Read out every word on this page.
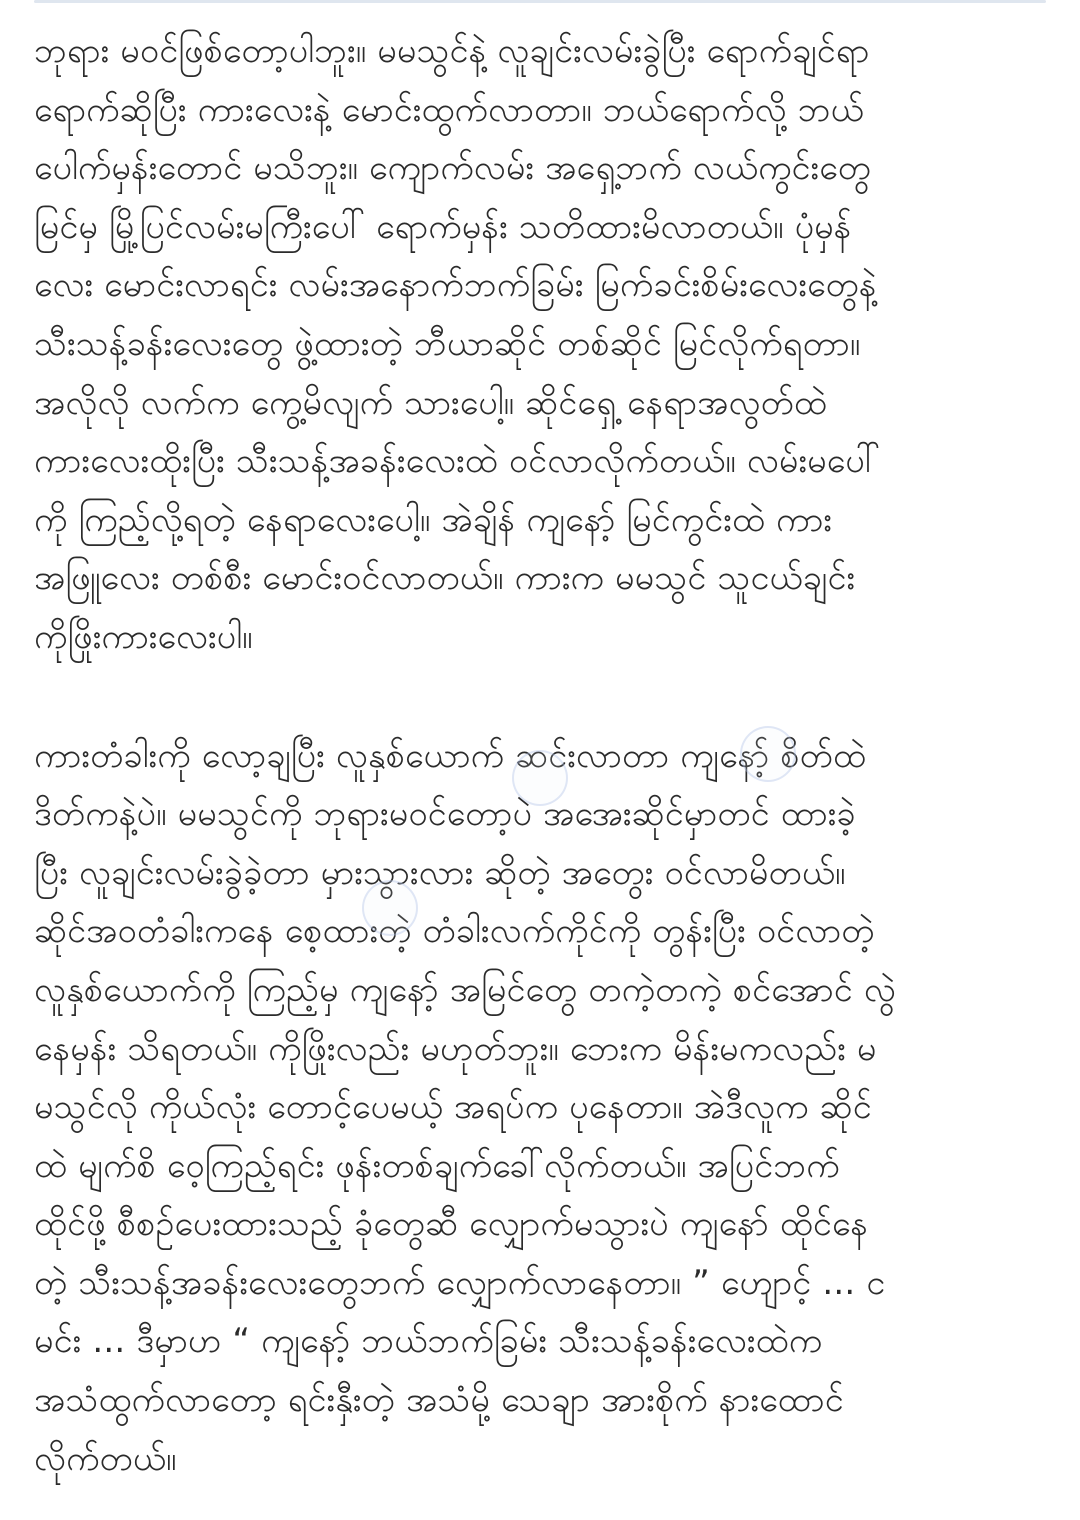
ဘုရား မဝင်ဖြစ်တော့ပါဘူး။ မမသွင်နဲ့ လူချင်းလမ်းခွဲပြီး ရောက်ချင်ရာ
ရောက်ဆိုပြီး ကားလေးနဲ့ မောင်းထွက်လာတာ။ ဘယ်ရောက်လို့ ဘယ်
ပေါက်မှန်းတောင် မသိဘူး။ ကျောက်လမ်း အရှေ့ဘက် လယ်ကွင်းတွေ
မြင်မှ မြို့ပြင်လမ်းမကြီးပေါ် ရောက်မှန်း သတိထားမိလာတယ်။ ပုံမှန်
လေး မောင်းလာရင်း လမ်းအနောက်ဘက်ခြမ်း မြက်ခင်းစိမ်းလေးတွေနဲ့
သီးသန့်ခန်းလေးတွေ ဖွဲ့ထားတဲ့ ဘီယာဆိုင် တစ်ဆိုင် မြင်လိုက်ရတာ။
အလိုလို လက်က ကွေ့မိလျက် သားပေါ့။ ဆိုင်ရှေ့ နေရာအလွတ်ထဲ
ကားလေးထိုးပြီး သီးသန့်အခန်းလေးထဲ ဝင်လာလိုက်တယ်။ လမ်းမပေါ်
ကို ကြည့်လို့ရတဲ့ နေရာလေးပေါ့။ အဲချိန် ကျနော့် မြင်ကွင်းထဲ ကား
အဖြူလေး တစ်စီး မောင်းဝင်လာတယ်။ ကားက မမသွင် သူငယ်ချင်း
ကိုဖြိုးကားလေးပါ။
ကားတံခါးကို လော့ချပြီး လူနှစ်ယောက် ဆင်းလာတာ ကျနော့် စိတ်ထဲ
ဒိတ်ကနဲ့ပဲ။ မမသွင်ကို ဘုရားမဝင်တော့ပဲ အအေးဆိုင်မှာတင် ထားခဲ့
ပြီး လူချင်းလမ်းခွဲခဲ့တာ မှားသွားလား ဆိုတဲ့ အတွေး ဝင်လာမိတယ်။
ဆိုင်အဝတံခါးကနေ စေ့ထားတဲ့ တံခါးလက်ကိုင်ကို တွန်းပြီး ဝင်လာတဲ့
လူနှစ်ယောက်ကို ကြည့်မှ ကျနော့် အမြင်တွေ တကဲ့တကဲ့ စင်အောင် လွဲ
နေမှန်း သိရတယ်။ ကိုဖြိုးလည်း မဟုတ်ဘူး။ ဘေးက မိန်းမကလည်း မ
မသွင်လို ကိုယ်လုံး တောင့်ပေမယ့် အရပ်က ပုနေတာ။ အဲဒီလူက ဆိုင်
ထဲ မျက်စိ ဝေ့ကြည့်ရင်း ဖုန်းတစ်ချက်ခေါ်လိုက်တယ်။ အပြင်ဘက်
ထိုင်ဖို့ စီစဉ်ပေးထားသည့် ခုံတွေဆီ လျှောက်မသွားပဲ ကျနော် ထိုင်နေ
တဲ့ သီးသန့်အခန်းလေးတွေဘက် လျှောက်လာနေတာ။ ” ဟျောင့် ... င
မင်း ... ဒီမှာဟ “ ကျနော့် ဘယ်ဘက်ခြမ်း သီးသန့်ခန်းလေးထဲက
အသံထွက်လာတော့ ရင်းနှီးတဲ့ အသံမို့ သေချာ အားစိုက် နားထောင်
လိုက်တယ်။
